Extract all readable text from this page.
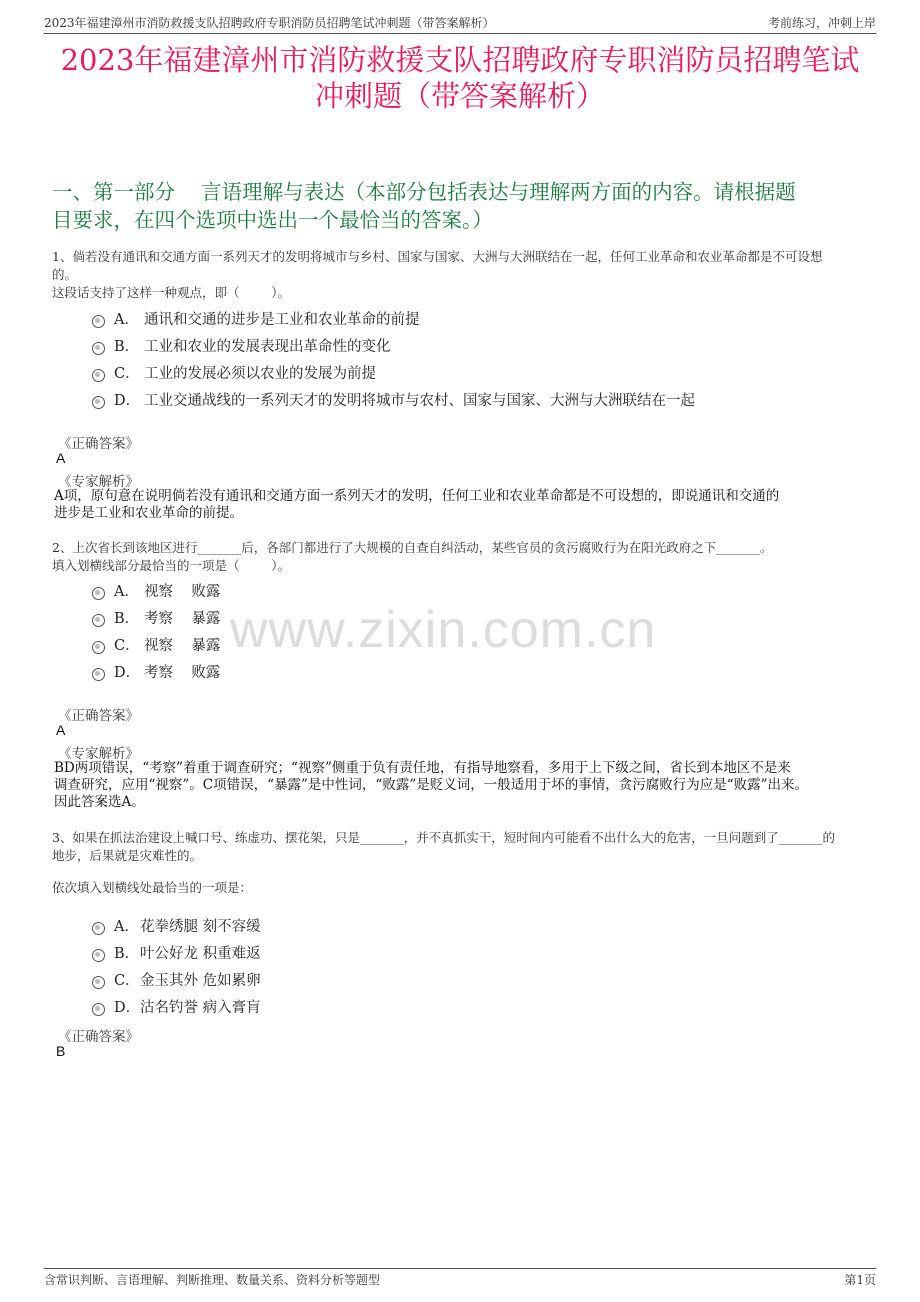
2023年福建漳州市消防救援支队招聘政府专职消防员招聘笔试冲刺题（带答案解析）	考前练习，冲刺上岸
2023年福建漳州市消防救援支队招聘政府专职消防员招聘笔试
冲刺题（带答案解析）
一、第一部分    言语理解与表达（本部分包括表达与理解两方面的内容。请根据题
目要求，在四个选项中选出一个最恰当的答案。）
1、倘若没有通讯和交通方面一系列天才的发明将城市与乡村、国家与国家、大洲与大洲联结在一起，任何工业革命和农业革命都是不可设想
的。
这段话支持了这样一种观点，即（        ）。
A． 通讯和交通的进步是工业和农业革命的前提
B． 工业和农业的发展表现出革命性的变化
C． 工业的发展必须以农业的发展为前提
D． 工业交通战线的一系列天才的发明将城市与农村、国家与国家、大洲与大洲联结在一起
《正确答案》
A
《专家解析》
A项，原句意在说明倘若没有通讯和交通方面一系列天才的发明，任何工业和农业革命都是不可设想的，即说通讯和交通的
进步是工业和农业革命的前提。
2、上次省长到该地区进行_______后，各部门都进行了大规模的自查自纠活动，某些官员的贪污腐败行为在阳光政府之下_______。
填入划横线部分最恰当的一项是（        ）。
A． 视察    败露
B． 考察    暴露
C． 视察    暴露
D． 考察    败露
《正确答案》
A
《专家解析》
BD两项错误，“考察”着重于调查研究；“视察”侧重于负有责任地，有指导地察看，多用于上下级之间，省长到本地区不是来
调查研究，应用“视察”。C项错误，“暴露”是中性词，“败露”是贬义词，一般适用于坏的事情，贪污腐败行为应是“败露”出来。
因此答案选A。
3、如果在抓法治建设上喊口号、练虚功、摆花架，只是_______，并不真抓实干，短时间内可能看不出什么大的危害，一旦问题到了_______的
地步，后果就是灾难性的。
依次填入划横线处最恰当的一项是：
A． 花拳绣腿 刻不容缓
B． 叶公好龙 积重难返
C． 金玉其外 危如累卵
D． 沽名钓誉 病入膏肓
《正确答案》
B
www.zixin.com.cn
含常识判断、言语理解、判断推理、数量关系、资料分析等题型	第1页
